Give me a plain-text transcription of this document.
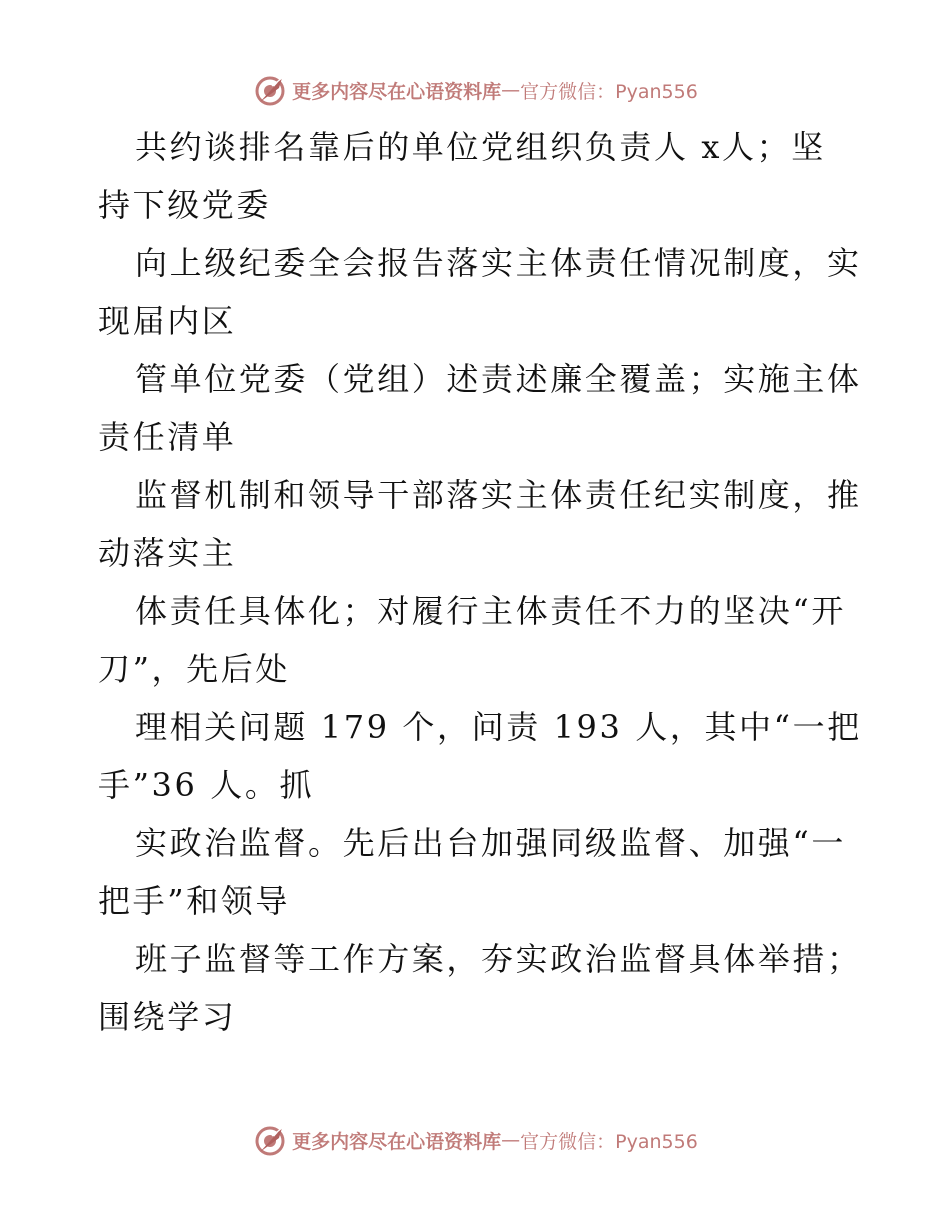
更多内容尽在心语资料库 — 官方微信：Pyan556
共约谈排名靠后的单位党组织负责人 x人；坚
持下级党委
向上级纪委全会报告落实主体责任情况制度，实
现届内区
管单位党委（党组）述责述廉全覆盖；实施主体
责任清单
监督机制和领导干部落实主体责任纪实制度，推
动落实主
体责任具体化；对履行主体责任不力的坚决“开
刀”，先后处
理相关问题 179 个，问责 193 人，其中“一把
手”36 人。抓
实政治监督。先后出台加强同级监督、加强“一
把手”和领导
班子监督等工作方案，夯实政治监督具体举措；
围绕学习
更多内容尽在心语资料库 — 官方微信：Pyan556
